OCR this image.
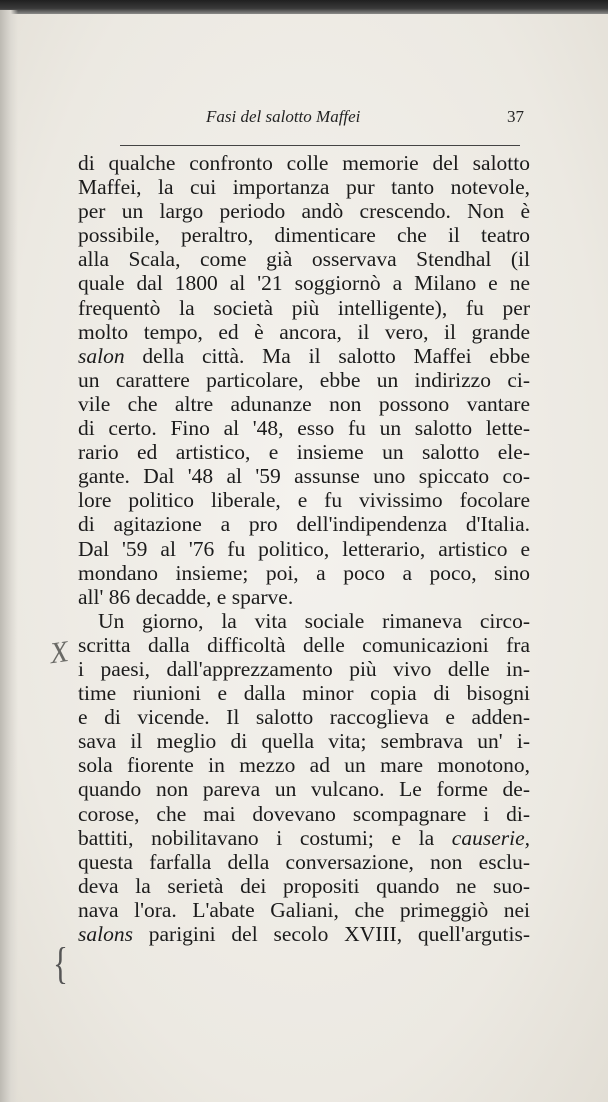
Fasi del salotto Maffei	37
X
{
di qualche confronto colle memorie del salotto
Maffei, la cui importanza pur tanto notevole,
per un largo periodo andò crescendo. Non è
possibile, peraltro, dimenticare che il teatro
alla Scala, come già osservava Stendhal (il
quale dal 1800 al '21 soggiornò a Milano e ne
frequentò la società più intelligente), fu per
molto tempo, ed è ancora, il vero, il grande
salon della città. Ma il salotto Maffei ebbe
un carattere particolare, ebbe un indirizzo ci-
vile che altre adunanze non possono vantare
di certo. Fino al '48, esso fu un salotto lette-
rario ed artistico, e insieme un salotto ele-
gante. Dal '48 al '59 assunse uno spiccato co-
lore politico liberale, e fu vivissimo focolare
di agitazione a pro dell'indipendenza d'Italia.
Dal '59 al '76 fu politico, letterario, artistico e
mondano insieme; poi, a poco a poco, sino
all' 86 decadde, e sparve.
Un giorno, la vita sociale rimaneva circo-
scritta dalla difficoltà delle comunicazioni fra
i paesi, dall'apprezzamento più vivo delle in-
time riunioni e dalla minor copia di bisogni
e di vicende. Il salotto raccoglieva e adden-
sava il meglio di quella vita; sembrava un' i-
sola fiorente in mezzo ad un mare monotono,
quando non pareva un vulcano. Le forme de-
corose, che mai dovevano scompagnare i di-
battiti, nobilitavano i costumi; e la causerie,
questa farfalla della conversazione, non esclu-
deva la serietà dei propositi quando ne suo-
nava l'ora. L'abate Galiani, che primeggiò nei
salons parigini del secolo XVIII, quell'argutis-
